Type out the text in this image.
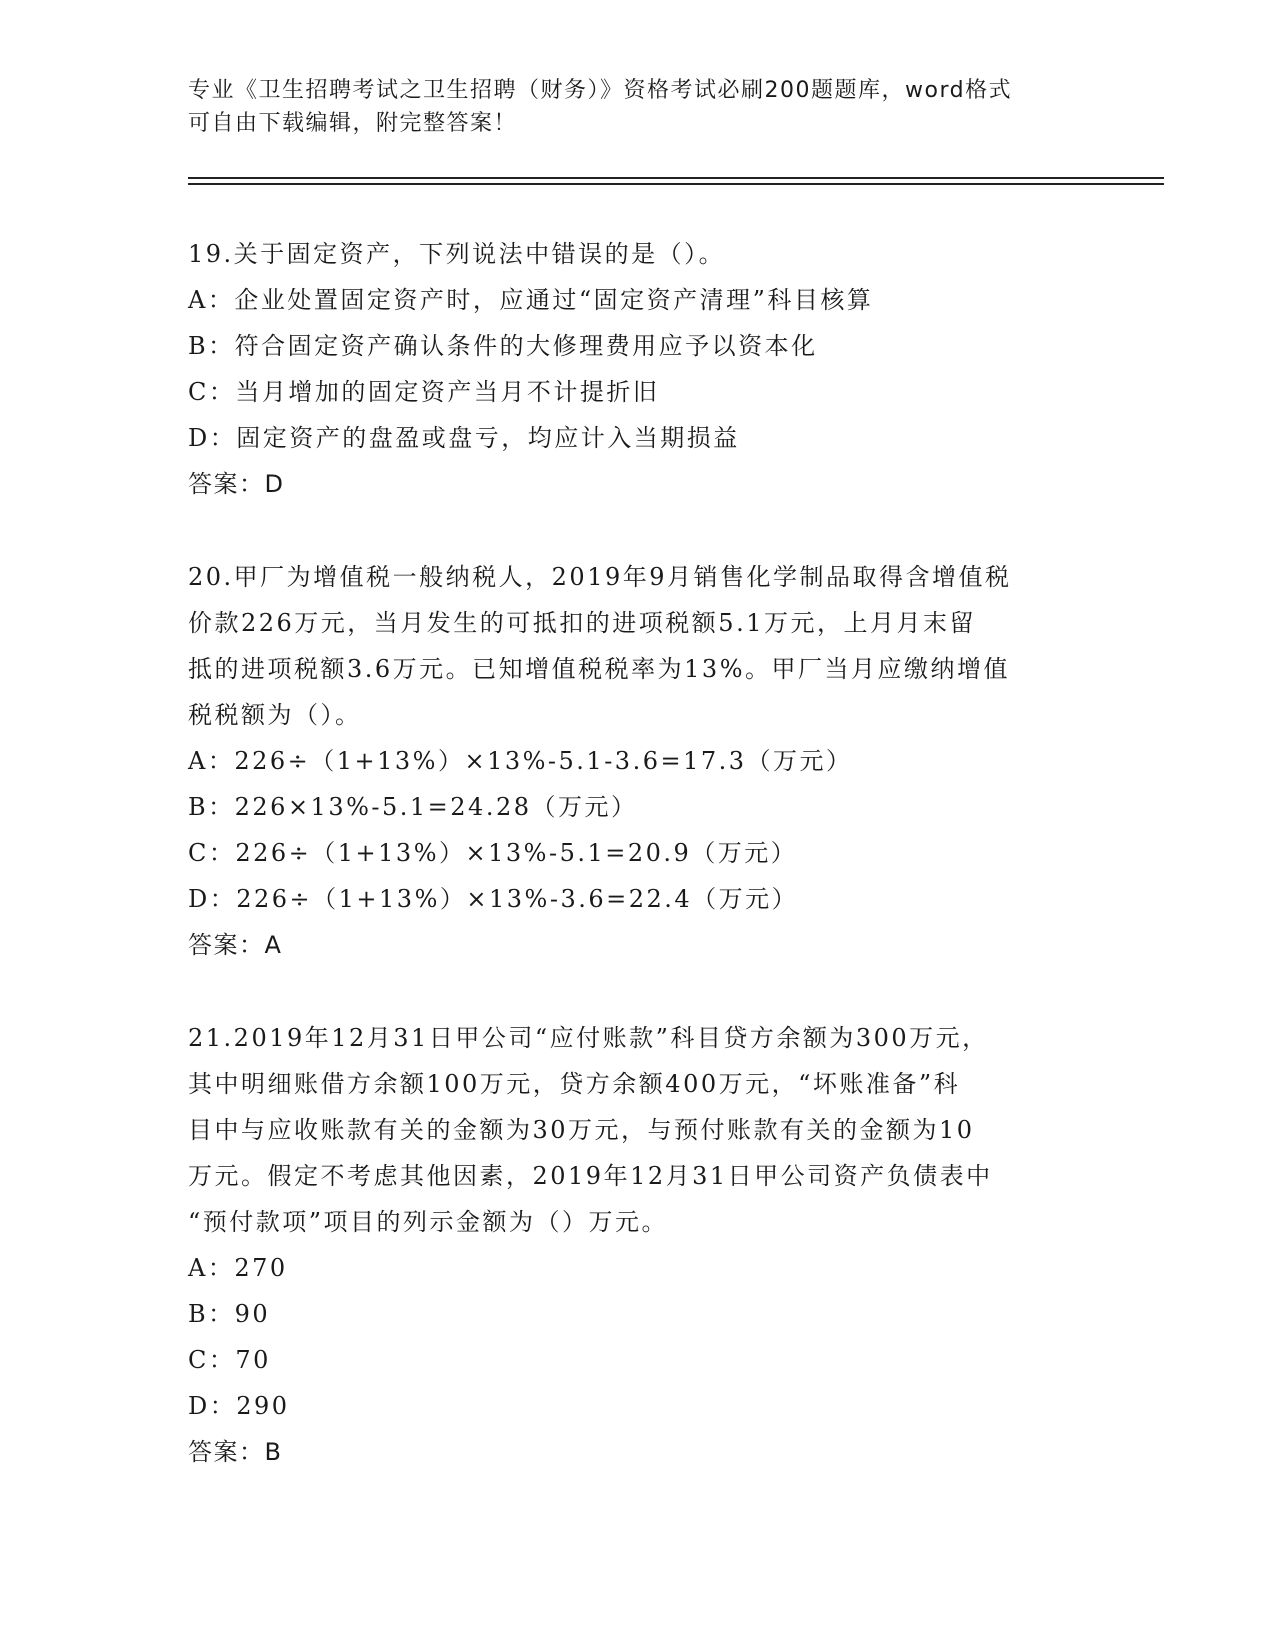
专业《卫生招聘考试之卫生招聘（财务）》资格考试必刷200题题库，word格式
可自由下载编辑，附完整答案！
19.关于固定资产，下列说法中错误的是（）。
A：企业处置固定资产时，应通过“固定资产清理”科目核算
B：符合固定资产确认条件的大修理费用应予以资本化
C：当月增加的固定资产当月不计提折旧
D：固定资产的盘盈或盘亏，均应计入当期损益
答案：D
20.甲厂为增值税一般纳税人，2019年9月销售化学制品取得含增值税
价款226万元，当月发生的可抵扣的进项税额5.1万元，上月月末留
抵的进项税额3.6万元。已知增值税税率为13%。甲厂当月应缴纳增值
税税额为（）。
A：226÷（1+13%）×13%-5.1-3.6=17.3（万元）
B：226×13%-5.1=24.28（万元）
C：226÷（1+13%）×13%-5.1=20.9（万元）
D：226÷（1+13%）×13%-3.6=22.4（万元）
答案：A
21.2019年12月31日甲公司“应付账款”科目贷方余额为300万元，
其中明细账借方余额100万元，贷方余额400万元，“坏账准备”科
目中与应收账款有关的金额为30万元，与预付账款有关的金额为10
万元。假定不考虑其他因素，2019年12月31日甲公司资产负债表中
“预付款项”项目的列示金额为（）万元。
A：270
B：90
C：70
D：290
答案：B
